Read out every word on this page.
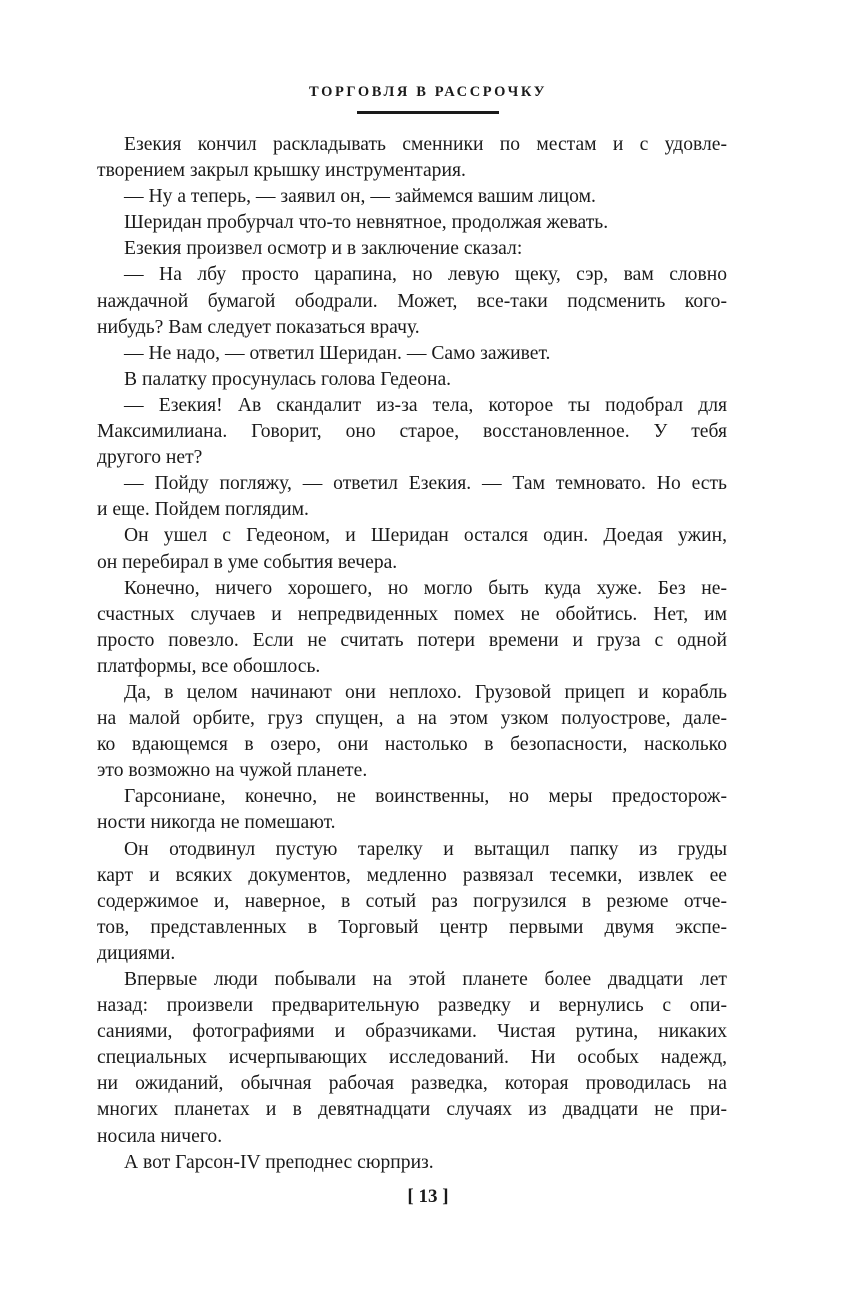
ТОРГОВЛЯ В РАССРОЧКУ
Езекия кончил раскладывать сменники по местам и с удовле-
творением закрыл крышку инструментария.
— Ну а теперь, — заявил он, — займемся вашим лицом.
Шеридан пробурчал что-то невнятное, продолжая жевать.
Езекия произвел осмотр и в заключение сказал:
— На лбу просто царапина, но левую щеку, сэр, вам словно
наждачной бумагой ободрали. Может, все-таки подсменить кого-
нибудь? Вам следует показаться врачу.
— Не надо, — ответил Шеридан. — Само заживет.
В палатку просунулась голова Гедеона.
— Езекия! Ав скандалит из-за тела, которое ты подобрал для
Максимилиана. Говорит, оно старое, восстановленное. У тебя
другого нет?
— Пойду погляжу, — ответил Езекия. — Там темновато. Но есть
и еще. Пойдем поглядим.
Он ушел с Гедеоном, и Шеридан остался один. Доедая ужин,
он перебирал в уме события вечера.
Конечно, ничего хорошего, но могло быть куда хуже. Без не-
счастных случаев и непредвиденных помех не обойтись. Нет, им
просто повезло. Если не считать потери времени и груза с одной
платформы, все обошлось.
Да, в целом начинают они неплохо. Грузовой прицеп и корабль
на малой орбите, груз спущен, а на этом узком полуострове, дале-
ко вдающемся в озеро, они настолько в безопасности, насколько
это возможно на чужой планете.
Гарсониане, конечно, не воинственны, но меры предосторож-
ности никогда не помешают.
Он отодвинул пустую тарелку и вытащил папку из груды
карт и всяких документов, медленно развязал тесемки, извлек ее
содержимое и, наверное, в сотый раз погрузился в резюме отче-
тов, представленных в Торговый центр первыми двумя экспе-
дициями.
Впервые люди побывали на этой планете более двадцати лет
назад: произвели предварительную разведку и вернулись с опи-
саниями, фотографиями и образчиками. Чистая рутина, никаких
специальных исчерпывающих исследований. Ни особых надежд,
ни ожиданий, обычная рабочая разведка, которая проводилась на
многих планетах и в девятнадцати случаях из двадцати не при-
носила ничего.
А вот Гарсон-IV преподнес сюрприз.
[ 13 ]
